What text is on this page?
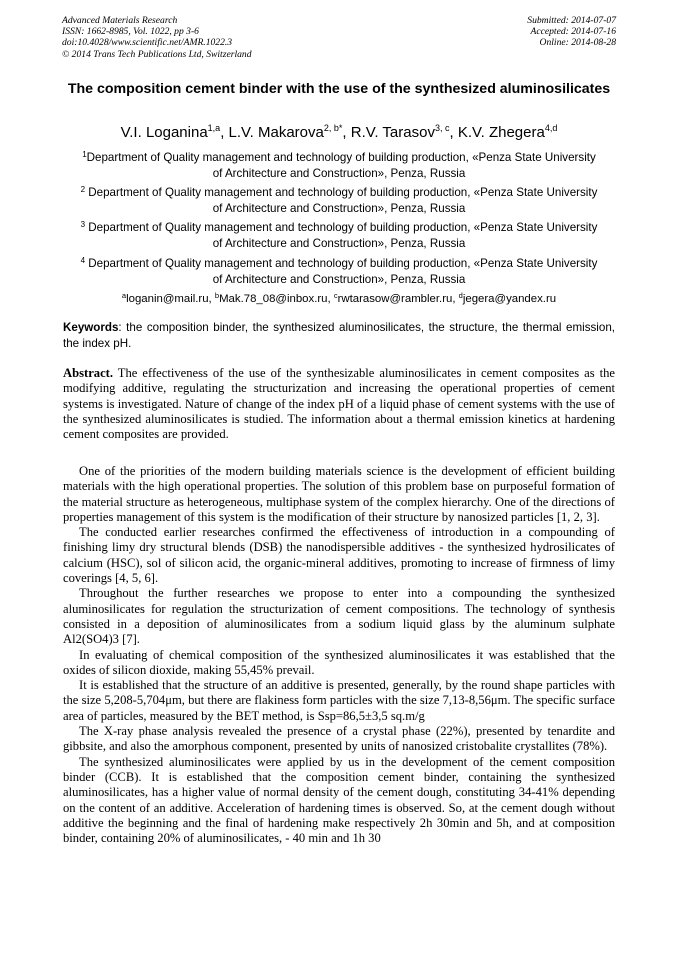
Advanced Materials Research
ISSN: 1662-8985, Vol. 1022, pp 3-6
doi:10.4028/www.scientific.net/AMR.1022.3
© 2014 Trans Tech Publications Ltd, Switzerland
Submitted: 2014-07-07
Accepted: 2014-07-16
Online: 2014-08-28
The composition cement binder with the use of the synthesized aluminosilicates
V.I. Loganina$^{1,a}$, L.V. Makarova$^{2, b*}$, R.V. Tarasov$^{3, c}$, K.V. Zhegera$^{4,d}$
$^1$Department of Quality management and technology of building production, «Penza State University of Architecture and Construction», Penza, Russia
$^2$ Department of Quality management and technology of building production, «Penza State University of Architecture and Construction», Penza, Russia
$^3$ Department of Quality management and technology of building production, «Penza State University of Architecture and Construction», Penza, Russia
$^4$ Department of Quality management and technology of building production, «Penza State University of Architecture and Construction», Penza, Russia
$^a$loganin@mail.ru, $^b$Mak.78_08@inbox.ru, $^c$rwtarasow@rambler.ru, $^d$jegera@yandex.ru
Keywords: the composition binder, the synthesized aluminosilicates, the structure, the thermal emission, the index pH.
Abstract. The effectiveness of the use of the synthesizable aluminosilicates in cement composites as the modifying additive, regulating the structurization and increasing the operational properties of cement systems is investigated. Nature of change of the index pH of a liquid phase of cement systems with the use of the synthesized aluminosilicates is studied. The information about a thermal emission kinetics at hardening cement composites are provided.

One of the priorities of the modern building materials science is the development of efficient building materials with the high operational properties. The solution of this problem base on purposeful formation of the material structure as heterogeneous, multiphase system of the complex hierarchy. One of the directions of properties management of this system is the modification of their structure by nanosized particles [1, 2, 3].

The conducted earlier researches confirmed the effectiveness of introduction in a compounding of finishing limy dry structural blends (DSB) the nanodispersible additives - the synthesized hydrosilicates of calcium (HSC), sol of silicon acid, the organic-mineral additives, promoting to increase of firmness of limy coverings [4, 5, 6].

Throughout the further researches we propose to enter into a compounding the synthesized aluminosilicates for regulation the structurization of cement compositions. The technology of synthesis consisted in a deposition of aluminosilicates from a sodium liquid glass by the aluminum sulphate Al2(SO4)3 [7].

In evaluating of chemical composition of the synthesized aluminosilicates it was established that the oxides of silicon dioxide, making 55,45% prevail.

It is established that the structure of an additive is presented, generally, by the round shape particles with the size 5,208-5,704μm, but there are flakiness form particles with the size 7,13-8,56μm. The specific surface area of particles, measured by the BET method, is Ssp=86,5±3,5 sq.m/g

The X-ray phase analysis revealed the presence of a crystal phase (22%), presented by tenardite and gibbsite, and also the amorphous component, presented by units of nanosized cristobalite crystallites (78%).

The synthesized aluminosilicates were applied by us in the development of the cement composition binder (CCB). It is established that the composition cement binder, containing the synthesized aluminosilicates, has a higher value of normal density of the cement dough, constituting 34-41% depending on the content of an additive. Acceleration of hardening times is observed. So, at the cement dough without additive the beginning and the final of hardening make respectively 2h 30min and 5h, and at composition binder, containing 20% of aluminosilicates, - 40 min and 1h 30
